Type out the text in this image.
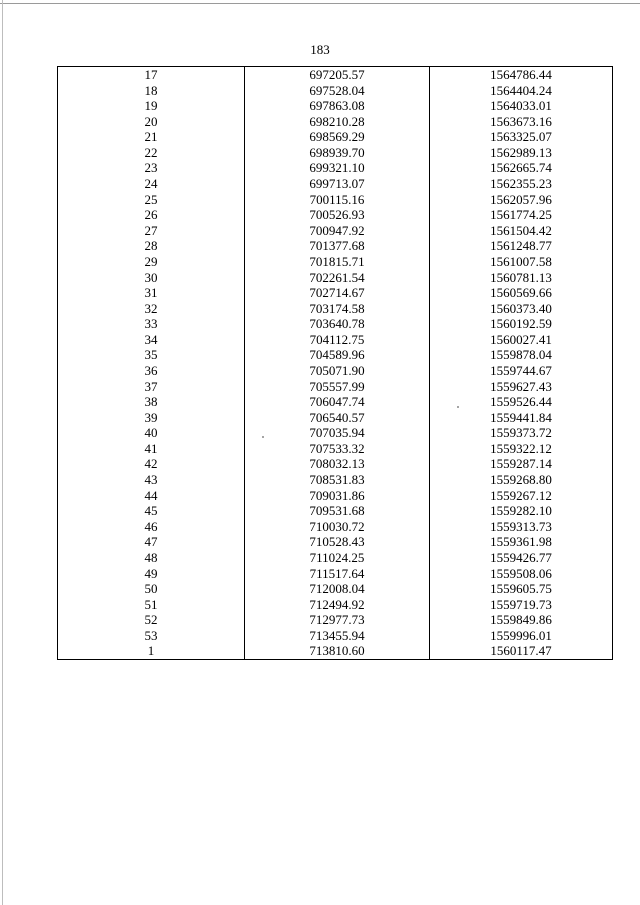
183
17	697205.57	1564786.44
18	697528.04	1564404.24
19	697863.08	1564033.01
20	698210.28	1563673.16
21	698569.29	1563325.07
22	698939.70	1562989.13
23	699321.10	1562665.74
24	699713.07	1562355.23
25	700115.16	1562057.96
26	700526.93	1561774.25
27	700947.92	1561504.42
28	701377.68	1561248.77
29	701815.71	1561007.58
30	702261.54	1560781.13
31	702714.67	1560569.66
32	703174.58	1560373.40
33	703640.78	1560192.59
34	704112.75	1560027.41
35	704589.96	1559878.04
36	705071.90	1559744.67
37	705557.99	1559627.43
38	706047.74	1559526.44
39	706540.57	1559441.84
40	707035.94	1559373.72
41	707533.32	1559322.12
42	708032.13	1559287.14
43	708531.83	1559268.80
44	709031.86	1559267.12
45	709531.68	1559282.10
46	710030.72	1559313.73
47	710528.43	1559361.98
48	711024.25	1559426.77
49	711517.64	1559508.06
50	712008.04	1559605.75
51	712494.92	1559719.73
52	712977.73	1559849.86
53	713455.94	1559996.01
1	713810.60	1560117.47
